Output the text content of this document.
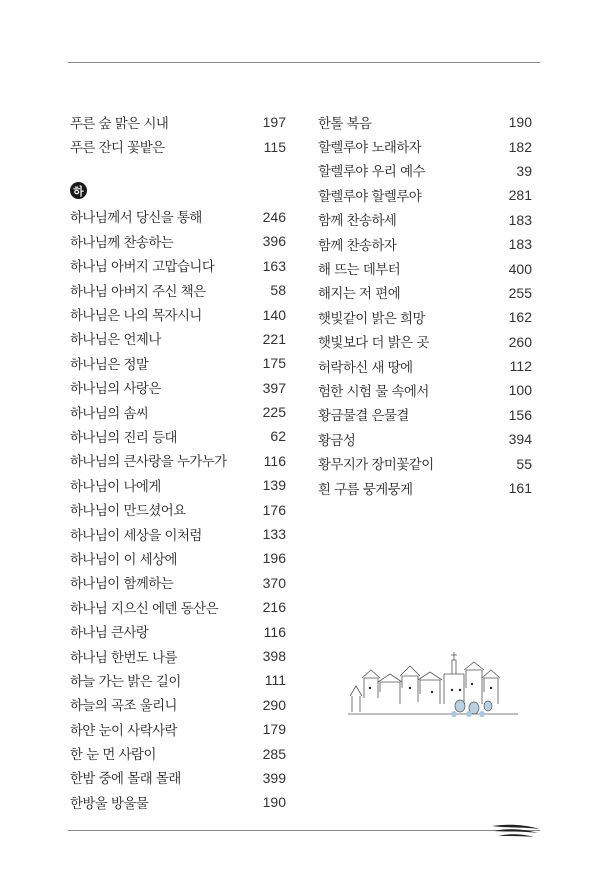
푸른 숲 맑은 시내	197
푸른 잔디 꽃밭은	115
하
하나님께서 당신을 통해	246
하나님께 찬송하는	396
하나님 아버지 고맙습니다	163
하나님 아버지 주신 책은	58
하나님은 나의 목자시니	140
하나님은 언제나	221
하나님은 정말	175
하나님의 사랑은	397
하나님의 솜씨	225
하나님의 진리 등대	62
하나님의 큰사랑을 누가누가	116
하나님이 나에게	139
하나님이 만드셨어요	176
하나님이 세상을 이처럼	133
하나님이 이 세상에	196
하나님이 함께하는	370
하나님 지으신 에덴 동산은	216
하나님 큰사랑	116
하나님 한번도 나를	398
하늘 가는 밝은 길이	111
하늘의 곡조 울리니	290
하얀 눈이 사락사락	179
한 눈 먼 사람이	285
한밤 중에 몰래 몰래	399
한방울 방울물	190
한톨 복음	190
할렐루야 노래하자	182
할렐루야 우리 예수	39
할렐루야 할렐루야	281
함께 찬송하세	183
함께 찬송하자	183
해 뜨는 데부터	400
해지는 저 편에	255
햇빛같이 밝은 희망	162
햇빛보다 더 밝은 곳	260
허락하신 새 땅에	112
험한 시험 물 속에서	100
황금물결 은물결	156
황금성	394
황무지가 장미꽃같이	55
흰 구름 뭉게뭉게	161
